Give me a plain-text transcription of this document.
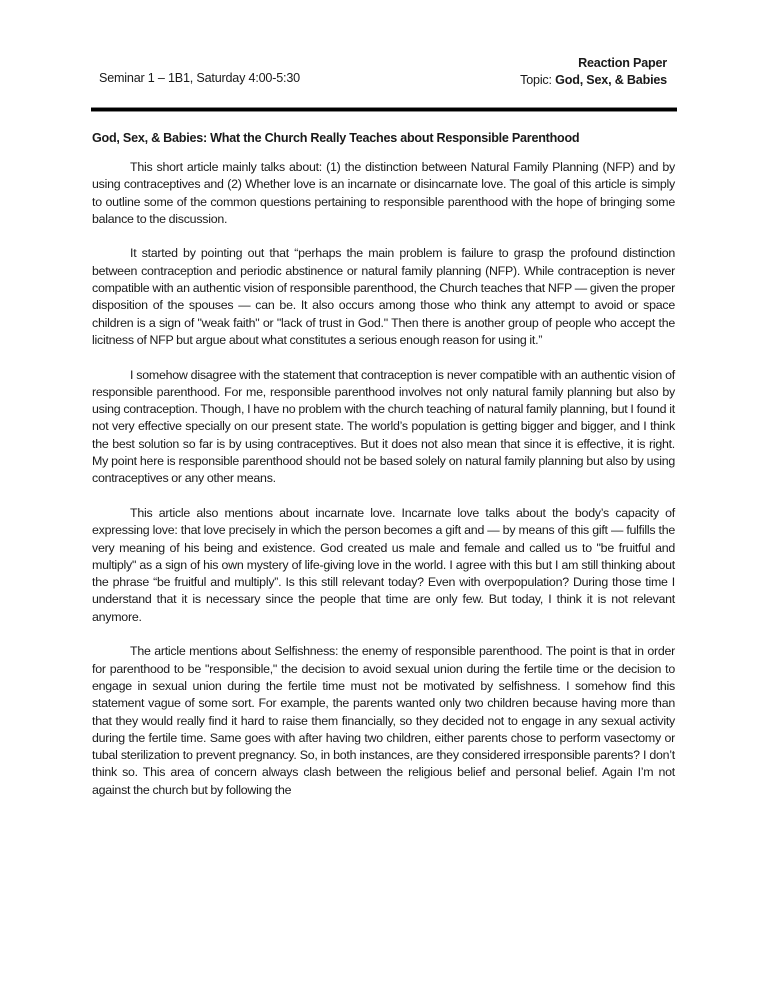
Seminar 1 – 1B1, Saturday 4:00-5:30
Reaction Paper
Topic: God, Sex, & Babies
God, Sex, & Babies: What the Church Really Teaches about Responsible Parenthood

This short article mainly talks about: (1) the distinction between Natural Family Planning (NFP) and by using contraceptives and (2) Whether love is an incarnate or disincarnate love. The goal of this article is simply to outline some of the common questions pertaining to responsible parenthood with the hope of bringing some balance to the discussion.

It started by pointing out that “perhaps the main problem is failure to grasp the profound distinction between contraception and periodic abstinence or natural family planning (NFP). While contraception is never compatible with an authentic vision of responsible parenthood, the Church teaches that NFP — given the proper disposition of the spouses — can be. It also occurs among those who think any attempt to avoid or space children is a sign of "weak faith" or "lack of trust in God." Then there is another group of people who accept the licitness of NFP but argue about what constitutes a serious enough reason for using it.”

I somehow disagree with the statement that contraception is never compatible with an authentic vision of responsible parenthood. For me, responsible parenthood involves not only natural family planning but also by using contraception. Though, I have no problem with the church teaching of natural family planning, but I found it not very effective specially on our present state. The world’s population is getting bigger and bigger, and I think the best solution so far is by using contraceptives. But it does not also mean that since it is effective, it is right. My point here is responsible parenthood should not be based solely on natural family planning but also by using contraceptives or any other means.

This article also mentions about incarnate love. Incarnate love talks about the body’s capacity of expressing love: that love precisely in which the person becomes a gift and — by means of this gift — fulfills the very meaning of his being and existence. God created us male and female and called us to "be fruitful and multiply" as a sign of his own mystery of life-giving love in the world. I agree with this but I am still thinking about the phrase “be fruitful and multiply”. Is this still relevant today? Even with overpopulation? During those time I understand that it is necessary since the people that time are only few. But today, I think it is not relevant anymore.

The article mentions about Selfishness: the enemy of responsible parenthood. The point is that in order for parenthood to be "responsible," the decision to avoid sexual union during the fertile time or the decision to engage in sexual union during the fertile time must not be motivated by selfishness. I somehow find this statement vague of some sort. For example, the parents wanted only two children because having more than that they would really find it hard to raise them financially, so they decided not to engage in any sexual activity during the fertile time. Same goes with after having two children, either parents chose to perform vasectomy or tubal sterilization to prevent pregnancy. So, in both instances, are they considered irresponsible parents? I don’t think so. This area of concern always clash between the religious belief and personal belief. Again I’m not against the church but by following the
